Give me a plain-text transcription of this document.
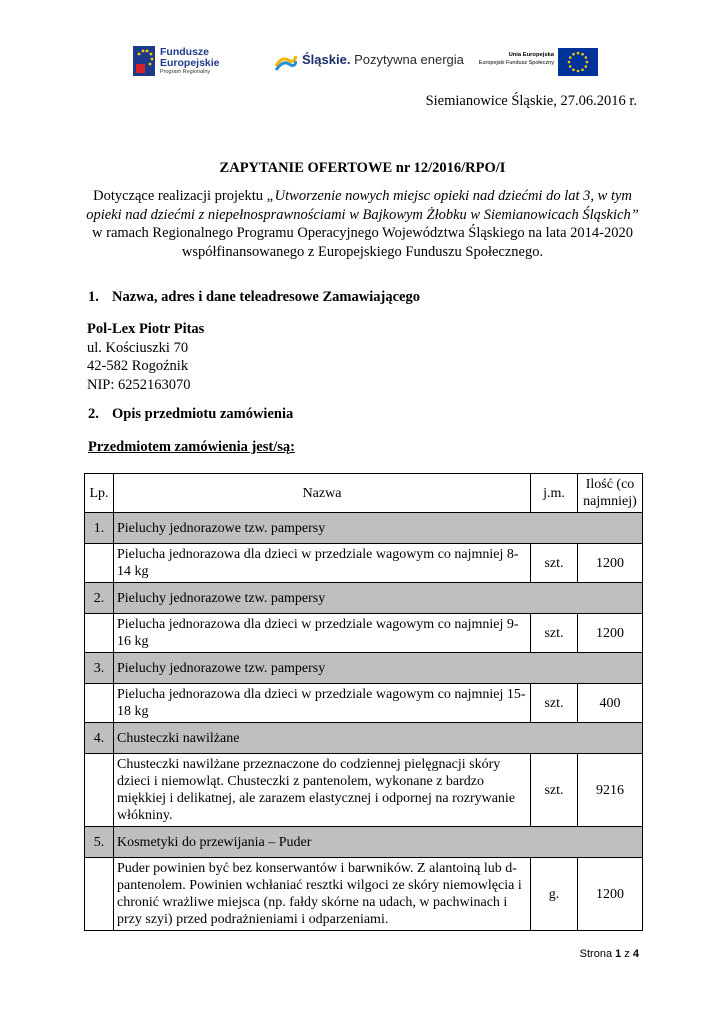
Fundusze
Europejskie
Program Regionalny
Śląskie. Pozytywna energia	Unia Europejska
Europejski Fundusz Społeczny
Siemianowice Śląskie, 27.06.2016 r.
ZAPYTANIE OFERTOWE nr 12/2016/RPO/I
Dotyczące realizacji projektu „Utworzenie nowych miejsc opieki nad dziećmi do lat 3, w tym opieki nad dziećmi z niepełnosprawnościami w Bajkowym Żłobku w Siemianowicach Śląskich” w ramach Regionalnego Programu Operacyjnego Województwa Śląskiego na lata 2014-2020 współfinansowanego z Europejskiego Funduszu Społecznego.
1. Nazwa, adres i dane teleadresowe Zamawiającego
Pol-Lex Piotr Pitas
ul. Kościuszki 70
42-582 Rogoźnik
NIP: 6252163070
2. Opis przedmiotu zamówienia
Przedmiotem zamówienia jest/są:
Lp.	Nazwa	j.m.	Ilość (co najmniej)
1.	Pieluchy jednorazowe tzw. pampersy		
	Pielucha jednorazowa dla dzieci w przedziale wagowym co najmniej 8-14 kg	szt.	1200
2.	Pieluchy jednorazowe tzw. pampersy		
	Pielucha jednorazowa dla dzieci w przedziale wagowym co najmniej 9-16 kg	szt.	1200
3.	Pieluchy jednorazowe tzw. pampersy		
	Pielucha jednorazowa dla dzieci w przedziale wagowym co najmniej 15-18 kg	szt.	400
4.	Chusteczki nawilżane		
	Chusteczki nawilżane przeznaczone do codziennej pielęgnacji skóry dzieci i niemowląt. Chusteczki z pantenolem, wykonane z bardzo miękkiej i delikatnej, ale zarazem elastycznej i odpornej na rozrywanie włókniny.	szt.	9216
5.	Kosmetyki do przewijania – Puder		
	Puder powinien być bez konserwantów i barwników. Z alantoiną lub d-pantenolem. Powinien wchłaniać resztki wilgoci ze skóry niemowlęcia i chronić wrażliwe miejsca (np. fałdy skórne na udach, w pachwinach i przy szyi) przed podrażnieniami i odparzeniami.	g.	1200
Strona 1 z 4
